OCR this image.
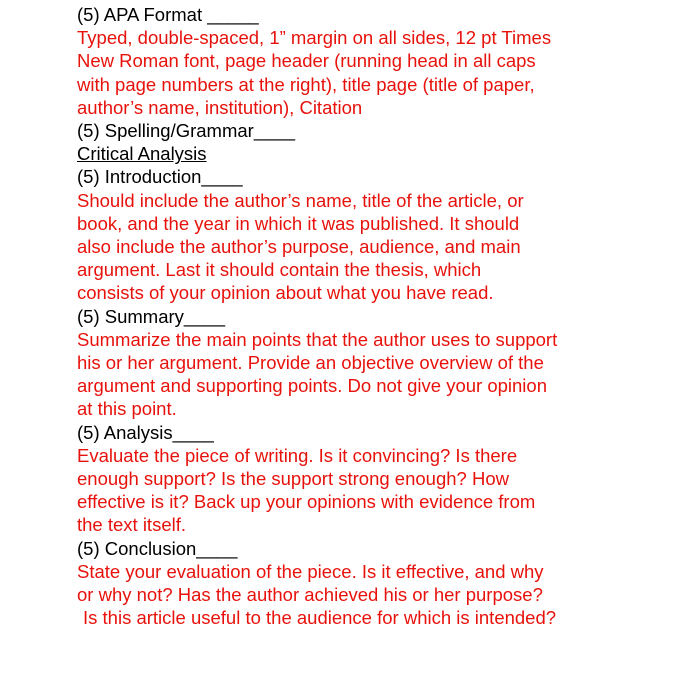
(5) APA Format _____
Typed, double-spaced, 1” margin on all sides, 12 pt Times
New Roman font, page header (running head in all caps
with page numbers at the right), title page (title of paper,
author’s name, institution), Citation
(5) Spelling/Grammar____
Critical Analysis
(5) Introduction____
Should include the author’s name, title of the article, or
book, and the year in which it was published. It should
also include the author’s purpose, audience, and main
argument. Last it should contain the thesis, which
consists of your opinion about what you have read.
(5) Summary____
Summarize the main points that the author uses to support
his or her argument. Provide an objective overview of the
argument and supporting points. Do not give your opinion
at this point.
(5) Analysis____
Evaluate the piece of writing. Is it convincing? Is there
enough support? Is the support strong enough? How
effective is it? Back up your opinions with evidence from
the text itself.
(5) Conclusion____
State your evaluation of the piece. Is it effective, and why
or why not? Has the author achieved his or her purpose?
Is this article useful to the audience for which is intended?
